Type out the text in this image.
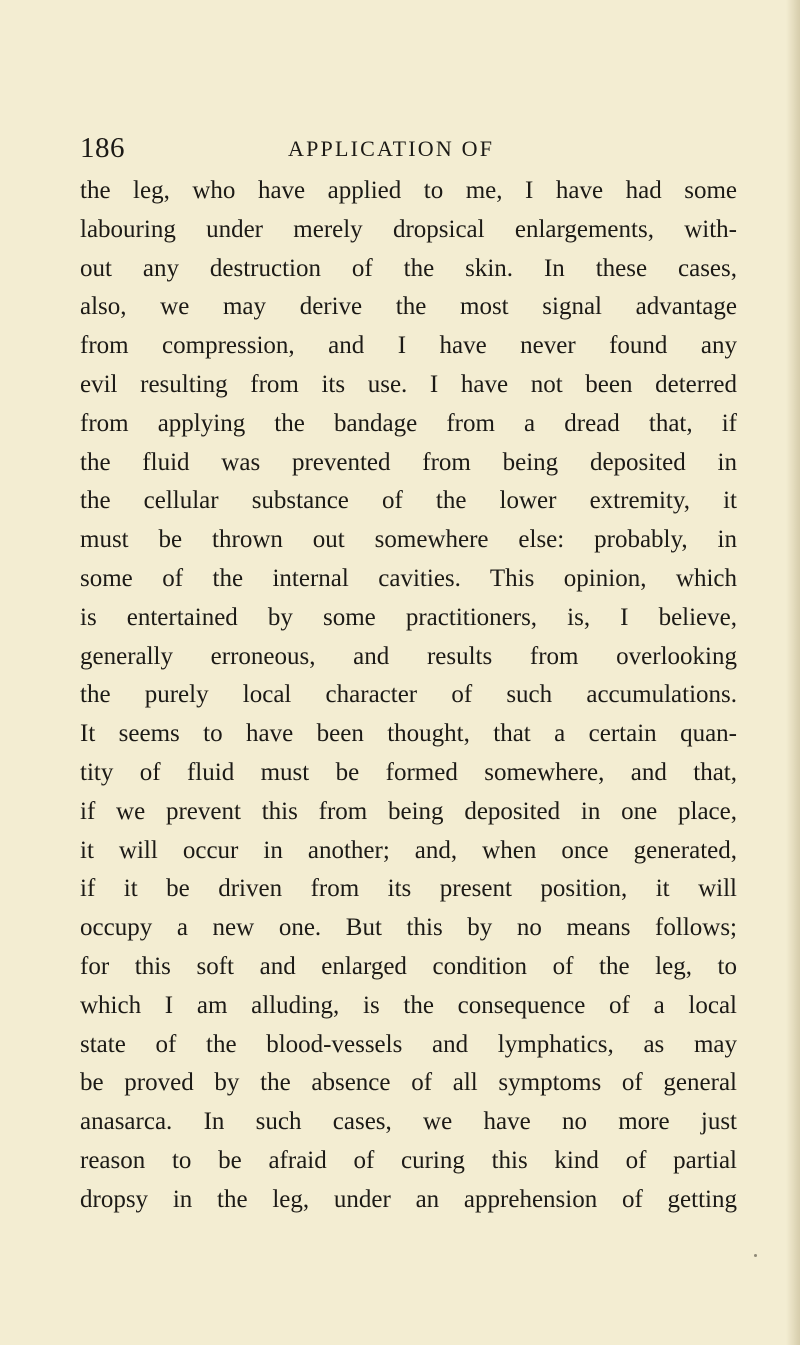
186	APPLICATION OF
the leg, who have applied to me, I have had some
labouring under merely dropsical enlargements, with-
out any destruction of the skin. In these cases,
also, we may derive the most signal advantage
from compression, and I have never found any
evil resulting from its use. I have not been deterred
from applying the bandage from a dread that, if
the fluid was prevented from being deposited in
the cellular substance of the lower extremity, it
must be thrown out somewhere else: probably, in
some of the internal cavities. This opinion, which
is entertained by some practitioners, is, I believe,
generally erroneous, and results from overlooking
the purely local character of such accumulations.
It seems to have been thought, that a certain quan-
tity of fluid must be formed somewhere, and that,
if we prevent this from being deposited in one place,
it will occur in another; and, when once generated,
if it be driven from its present position, it will
occupy a new one. But this by no means follows;
for this soft and enlarged condition of the leg, to
which I am alluding, is the consequence of a local
state of the blood-vessels and lymphatics, as may
be proved by the absence of all symptoms of general
anasarca. In such cases, we have no more just
reason to be afraid of curing this kind of partial
dropsy in the leg, under an apprehension of getting
